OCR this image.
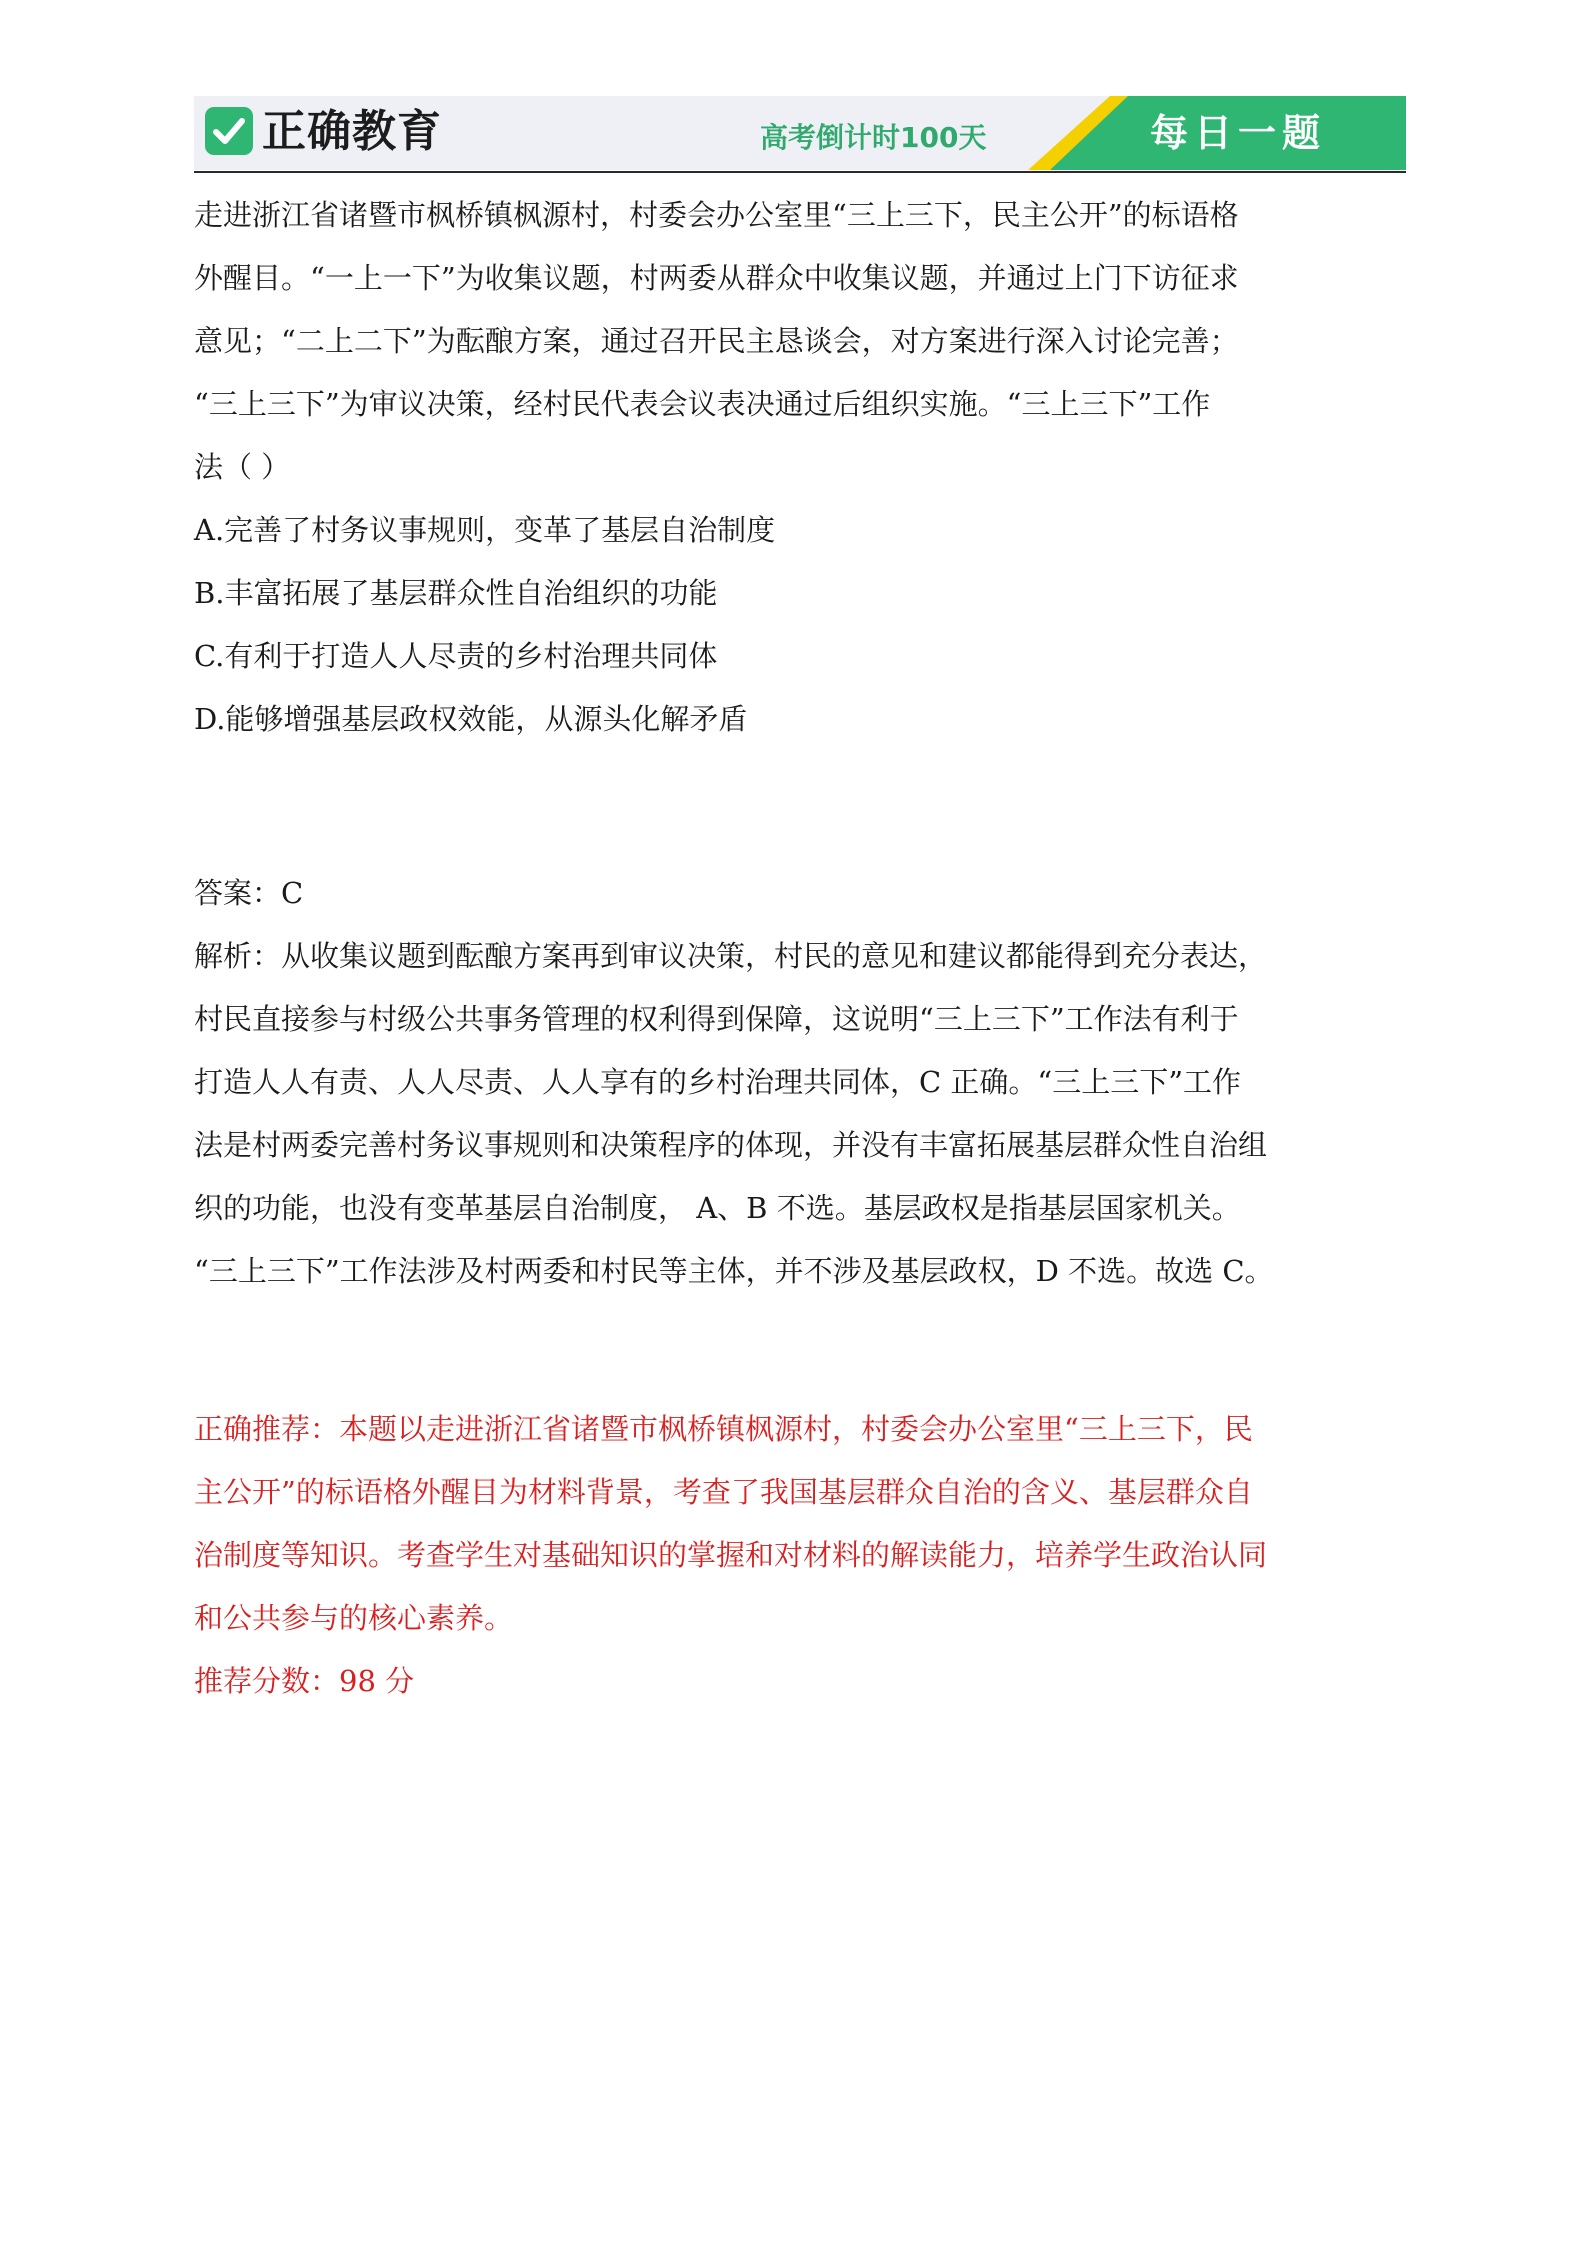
正确教育	高考倒计时100天	每日一题
走进浙江省诸暨市枫桥镇枫源村，村委会办公室里“三上三下，民主公开”的标语格
外醒目。“一上一下”为收集议题，村两委从群众中收集议题，并通过上门下访征求
意见；“二上二下”为酝酿方案，通过召开民主恳谈会，对方案进行深入讨论完善；
“三上三下”为审议决策，经村民代表会议表决通过后组织实施。“三上三下”工作
法（ ）
A.完善了村务议事规则，变革了基层自治制度
B.丰富拓展了基层群众性自治组织的功能
C.有利于打造人人尽责的乡村治理共同体
D.能够增强基层政权效能，从源头化解矛盾
答案：C
解析：从收集议题到酝酿方案再到审议决策，村民的意见和建议都能得到充分表达，
村民直接参与村级公共事务管理的权利得到保障，这说明“三上三下”工作法有利于
打造人人有责、人人尽责、人人享有的乡村治理共同体，C 正确。“三上三下”工作
法是村两委完善村务议事规则和决策程序的体现，并没有丰富拓展基层群众性自治组
织的功能，也没有变革基层自治制度， A、B 不选。基层政权是指基层国家机关。
“三上三下”工作法涉及村两委和村民等主体，并不涉及基层政权，D 不选。故选 C。
正确推荐：本题以走进浙江省诸暨市枫桥镇枫源村，村委会办公室里“三上三下，民
主公开”的标语格外醒目为材料背景，考查了我国基层群众自治的含义、基层群众自
治制度等知识。考查学生对基础知识的掌握和对材料的解读能力，培养学生政治认同
和公共参与的核心素养。
推荐分数：98 分
